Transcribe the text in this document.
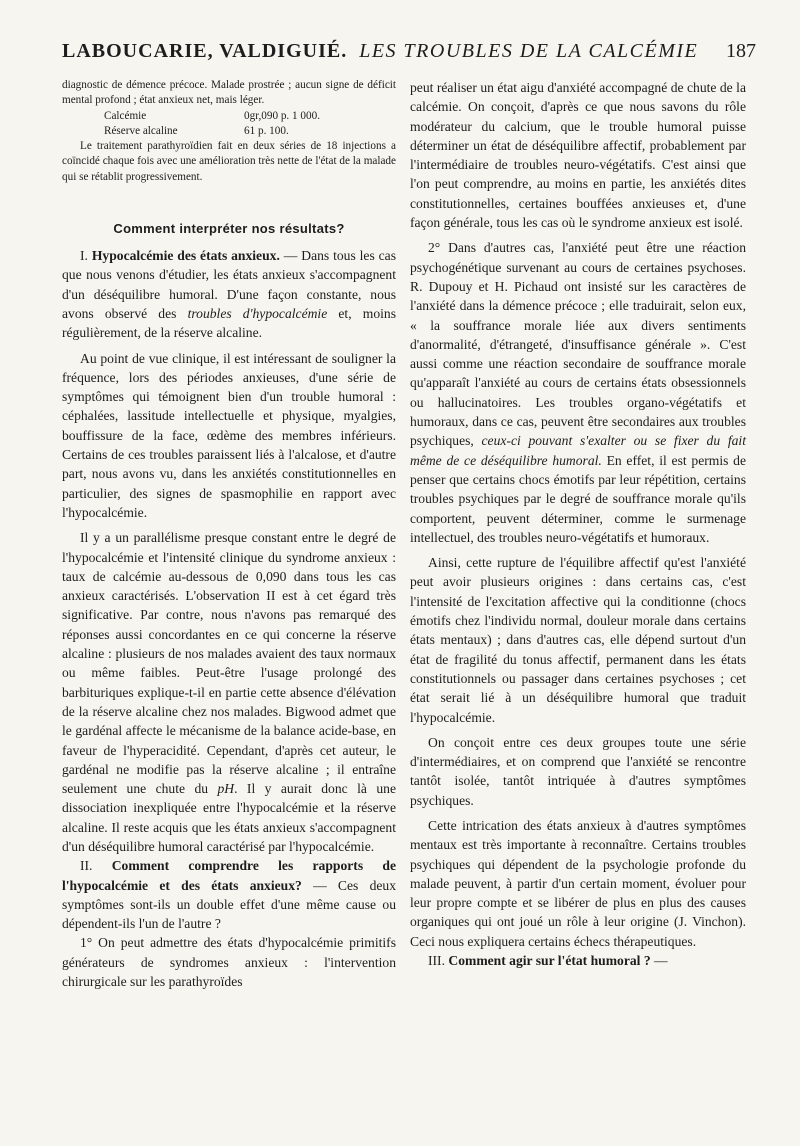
LABOUCARIE, VALDIGUIÉ. LES TROUBLES DE LA CALCÉMIE	187

diagnostic de démence précoce. Malade prostrée ; aucun signe de déficit mental profond ; état anxieux net, mais léger.

Calcémie	0gr,090 p. 1 000.
Réserve alcaline	61 p. 100.

Le traitement parathyroïdien fait en deux séries de 18 injections a coïncidé chaque fois avec une amélioration très nette de l'état de la malade qui se rétablit progressivement.

Comment interpréter nos résultats?

I. Hypocalcémie des états anxieux. — Dans tous les cas que nous venons d'étudier, les états anxieux s'accompagnent d'un déséquilibre humoral. D'une façon constante, nous avons observé des troubles d'hypocalcémie et, moins régulièrement, de la réserve alcaline.

Au point de vue clinique, il est intéressant de souligner la fréquence, lors des périodes anxieuses, d'une série de symptômes qui témoignent bien d'un trouble humoral : céphalées, lassitude intellectuelle et physique, myalgies, bouffissure de la face, œdème des membres inférieurs. Certains de ces troubles paraissent liés à l'alcalose, et d'autre part, nous avons vu, dans les anxiétés constitutionnelles en particulier, des signes de spasmophilie en rapport avec l'hypocalcémie.

Il y a un parallélisme presque constant entre le degré de l'hypocalcémie et l'intensité clinique du syndrome anxieux : taux de calcémie au-dessous de 0,090 dans tous les cas anxieux caractérisés. L'observation II est à cet égard très significative. Par contre, nous n'avons pas remarqué des réponses aussi concordantes en ce qui concerne la réserve alcaline : plusieurs de nos malades avaient des taux normaux ou même faibles. Peut-être l'usage prolongé des barbituriques explique-t-il en partie cette absence d'élévation de la réserve alcaline chez nos malades. Bigwood admet que le gardénal affecte le mécanisme de la balance acide-base, en faveur de l'hyperacidité. Cependant, d'après cet auteur, le gardénal ne modifie pas la réserve alcaline ; il entraîne seulement une chute du pH. Il y aurait donc là une dissociation inexpliquée entre l'hypocalcémie et la réserve alcaline. Il reste acquis que les états anxieux s'accompagnent d'un déséquilibre humoral caractérisé par l'hypocalcémie.

II. Comment comprendre les rapports de l'hypocalcémie et des états anxieux? — Ces deux symptômes sont-ils un double effet d'une même cause ou dépendent-ils l'un de l'autre ?

1° On peut admettre des états d'hypocalcémie primitifs générateurs de syndromes anxieux : l'intervention chirurgicale sur les parathyroïdes

peut réaliser un état aigu d'anxiété accompagné de chute de la calcémie. On conçoit, d'après ce que nous savons du rôle modérateur du calcium, que le trouble humoral puisse déterminer un état de déséquilibre affectif, probablement par l'intermédiaire de troubles neuro-végétatifs. C'est ainsi que l'on peut comprendre, au moins en partie, les anxiétés dites constitutionnelles, certaines bouffées anxieuses et, d'une façon générale, tous les cas où le syndrome anxieux est isolé.

2° Dans d'autres cas, l'anxiété peut être une réaction psychogénétique survenant au cours de certaines psychoses. R. Dupouy et H. Pichaud ont insisté sur les caractères de l'anxiété dans la démence précoce ; elle traduirait, selon eux, « la souffrance morale liée aux divers sentiments d'anormalité, d'étrangeté, d'insuffisance générale ». C'est aussi comme une réaction secondaire de souffrance morale qu'apparaît l'anxiété au cours de certains états obsessionnels ou hallucinatoires. Les troubles organo-végétatifs et humoraux, dans ce cas, peuvent être secondaires aux troubles psychiques, ceux-ci pouvant s'exalter ou se fixer du fait même de ce déséquilibre humoral. En effet, il est permis de penser que certains chocs émotifs par leur répétition, certains troubles psychiques par le degré de souffrance morale qu'ils comportent, peuvent déterminer, comme le surmenage intellectuel, des troubles neuro-végétatifs et humoraux.

Ainsi, cette rupture de l'équilibre affectif qu'est l'anxiété peut avoir plusieurs origines : dans certains cas, c'est l'intensité de l'excitation affective qui la conditionne (chocs émotifs chez l'individu normal, douleur morale dans certains états mentaux) ; dans d'autres cas, elle dépend surtout d'un état de fragilité du tonus affectif, permanent dans les états constitutionnels ou passager dans certaines psychoses ; cet état serait lié à un déséquilibre humoral que traduit l'hypocalcémie.

On conçoit entre ces deux groupes toute une série d'intermédiaires, et on comprend que l'anxiété se rencontre tantôt isolée, tantôt intriquée à d'autres symptômes psychiques.

Cette intrication des états anxieux à d'autres symptômes mentaux est très importante à reconnaître. Certains troubles psychiques qui dépendent de la psychologie profonde du malade peuvent, à partir d'un certain moment, évoluer pour leur propre compte et se libérer de plus en plus des causes organiques qui ont joué un rôle à leur origine (J. Vinchon). Ceci nous expliquera certains échecs thérapeutiques.

III. Comment agir sur l'état humoral ? —
